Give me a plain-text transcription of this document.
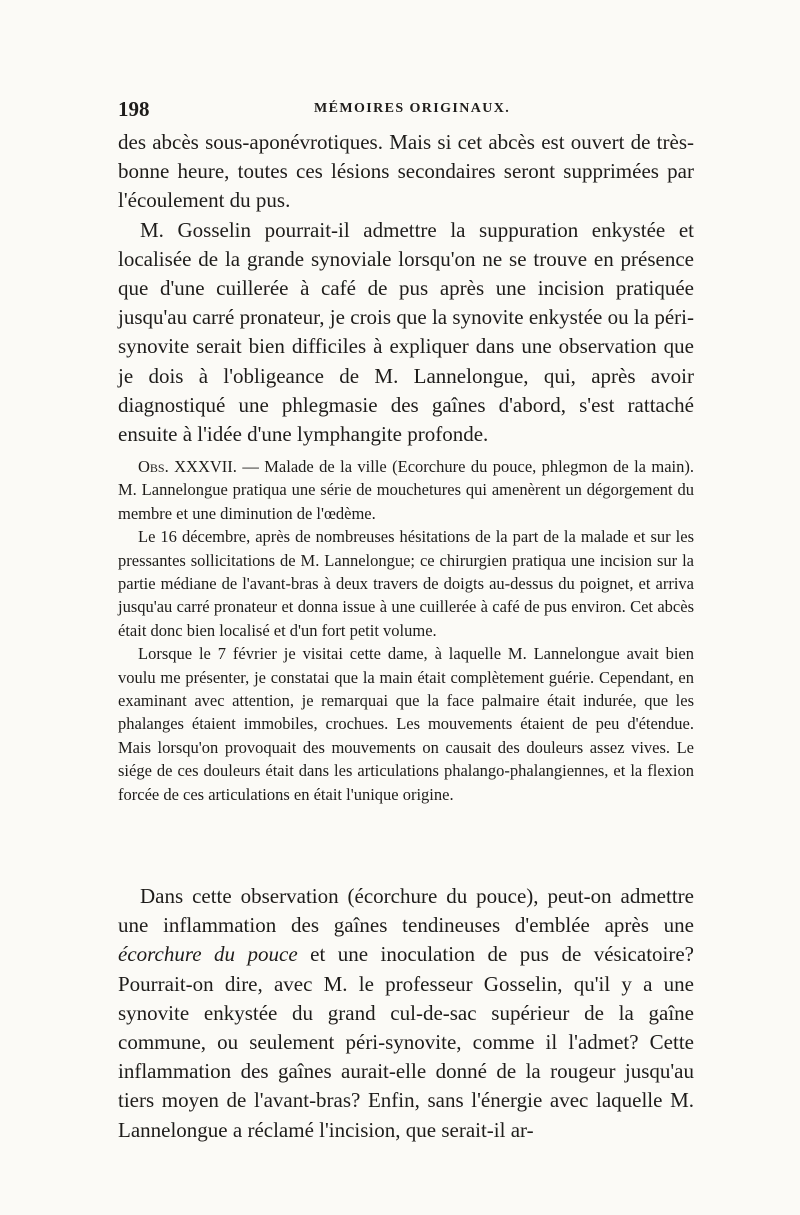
198	MÉMOIRES ORIGINAUX.

des abcès sous-aponévrotiques. Mais si cet abcès est ouvert de très-bonne heure, toutes ces lésions secondaires seront supprimées par l'écoulement du pus.

M. Gosselin pourrait-il admettre la suppuration enkystée et localisée de la grande synoviale lorsqu'on ne se trouve en présence que d'une cuillerée à café de pus après une incision pratiquée jusqu'au carré pronateur, je crois que la synovite enkystée ou la péri-synovite serait bien difficiles à expliquer dans une observation que je dois à l'obligeance de M. Lannelongue, qui, après avoir diagnostiqué une phlegmasie des gaînes d'abord, s'est rattaché ensuite à l'idée d'une lymphangite profonde.

Obs. XXXVII. — Malade de la ville (Ecorchure du pouce, phlegmon de la main). M. Lannelongue pratiqua une série de mouchetures qui amenèrent un dégorgement du membre et une diminution de l'œdème.

Le 16 décembre, après de nombreuses hésitations de la part de la malade et sur les pressantes sollicitations de M. Lannelongue; ce chirurgien pratiqua une incision sur la partie médiane de l'avant-bras à deux travers de doigts au-dessus du poignet, et arriva jusqu'au carré pronateur et donna issue à une cuillerée à café de pus environ. Cet abcès était donc bien localisé et d'un fort petit volume.

Lorsque le 7 février je visitai cette dame, à laquelle M. Lannelongue avait bien voulu me présenter, je constatai que la main était complètement guérie. Cependant, en examinant avec attention, je remarquai que la face palmaire était indurée, que les phalanges étaient immobiles, crochues. Les mouvements étaient de peu d'étendue. Mais lorsqu'on provoquait des mouvements on causait des douleurs assez vives. Le siége de ces douleurs était dans les articulations phalango-phalangiennes, et la flexion forcée de ces articulations en était l'unique origine.

Dans cette observation (écorchure du pouce), peut-on admettre une inflammation des gaînes tendineuses d'emblée après une écorchure du pouce et une inoculation de pus de vésicatoire? Pourrait-on dire, avec M. le professeur Gosselin, qu'il y a une synovite enkystée du grand cul-de-sac supérieur de la gaîne commune, ou seulement péri-synovite, comme il l'admet? Cette inflammation des gaînes aurait-elle donné de la rougeur jusqu'au tiers moyen de l'avant-bras? Enfin, sans l'énergie avec laquelle M. Lannelongue a réclamé l'incision, que serait-il ar-
